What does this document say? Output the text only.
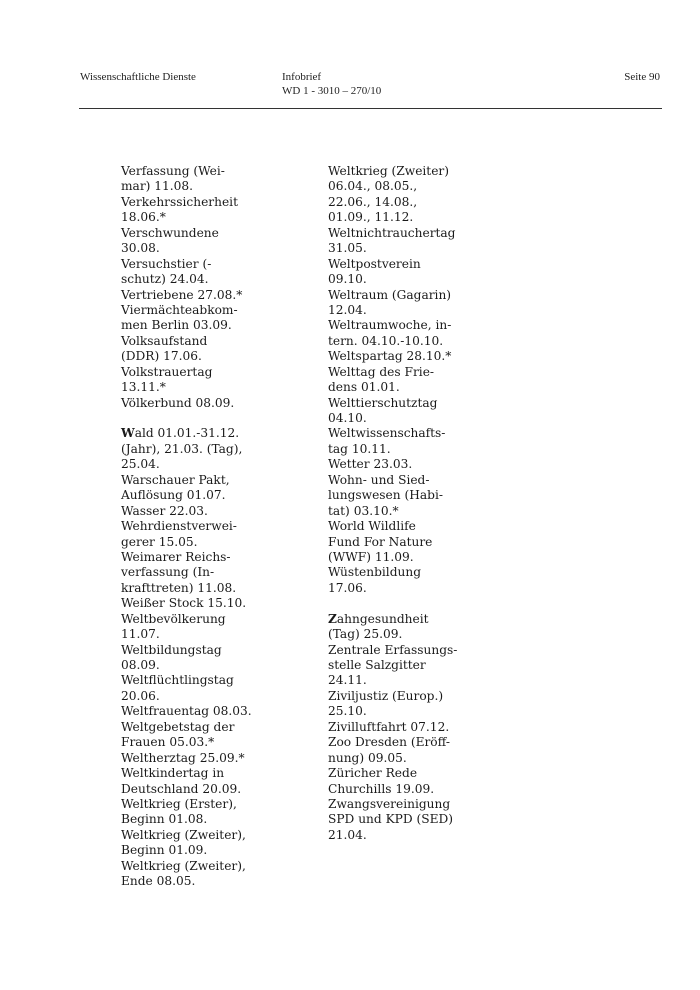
Wissenschaftliche Dienste	Infobrief
WD 1 - 3010 – 270/10
Seite 90
Verfassung (Wei-
mar) 11.08.
Verkehrssicherheit
18.06.*
Verschwundene
30.08.
Versuchstier (-
schutz) 24.04.
Vertriebene 27.08.*
Viermächteabkom-
men Berlin 03.09.
Volksaufstand
(DDR) 17.06.
Volkstrauertag
13.11.*
Völkerbund 08.09.
Wald 01.01.-31.12.
(Jahr), 21.03. (Tag),
25.04.
Warschauer Pakt,
Auflösung 01.07.
Wasser 22.03.
Wehrdienstverwei-
gerer 15.05.
Weimarer Reichs-
verfassung (In-
krafttreten) 11.08.
Weißer Stock 15.10.
Weltbevölkerung
11.07.
Weltbildungstag
08.09.
Weltflüchtlingstag
20.06.
Weltfrauentag 08.03.
Weltgebetstag der
Frauen 05.03.*
Weltherztag 25.09.*
Weltkindertag in
Deutschland 20.09.
Weltkrieg (Erster),
Beginn 01.08.
Weltkrieg (Zweiter),
Beginn 01.09.
Weltkrieg (Zweiter),
Ende 08.05.
Weltkrieg (Zweiter)
06.04., 08.05.,
22.06., 14.08.,
01.09., 11.12.
Weltnichtrauchertag
31.05.
Weltpostverein
09.10.
Weltraum (Gagarin)
12.04.
Weltraumwoche, in-
tern. 04.10.-10.10.
Weltspartag 28.10.*
Welttag des Frie-
dens 01.01.
Welttierschutztag
04.10.
Weltwissenschafts-
tag 10.11.
Wetter 23.03.
Wohn- und Sied-
lungswesen (Habi-
tat) 03.10.*
World Wildlife
Fund For Nature
(WWF) 11.09.
Wüstenbildung
17.06.
Zahngesundheit
(Tag) 25.09.
Zentrale Erfassungs-
stelle Salzgitter
24.11.
Ziviljustiz (Europ.)
25.10.
Zivilluftfahrt 07.12.
Zoo Dresden (Eröff-
nung) 09.05.
Züricher Rede
Churchills 19.09.
Zwangsvereinigung
SPD und KPD (SED)
21.04.
